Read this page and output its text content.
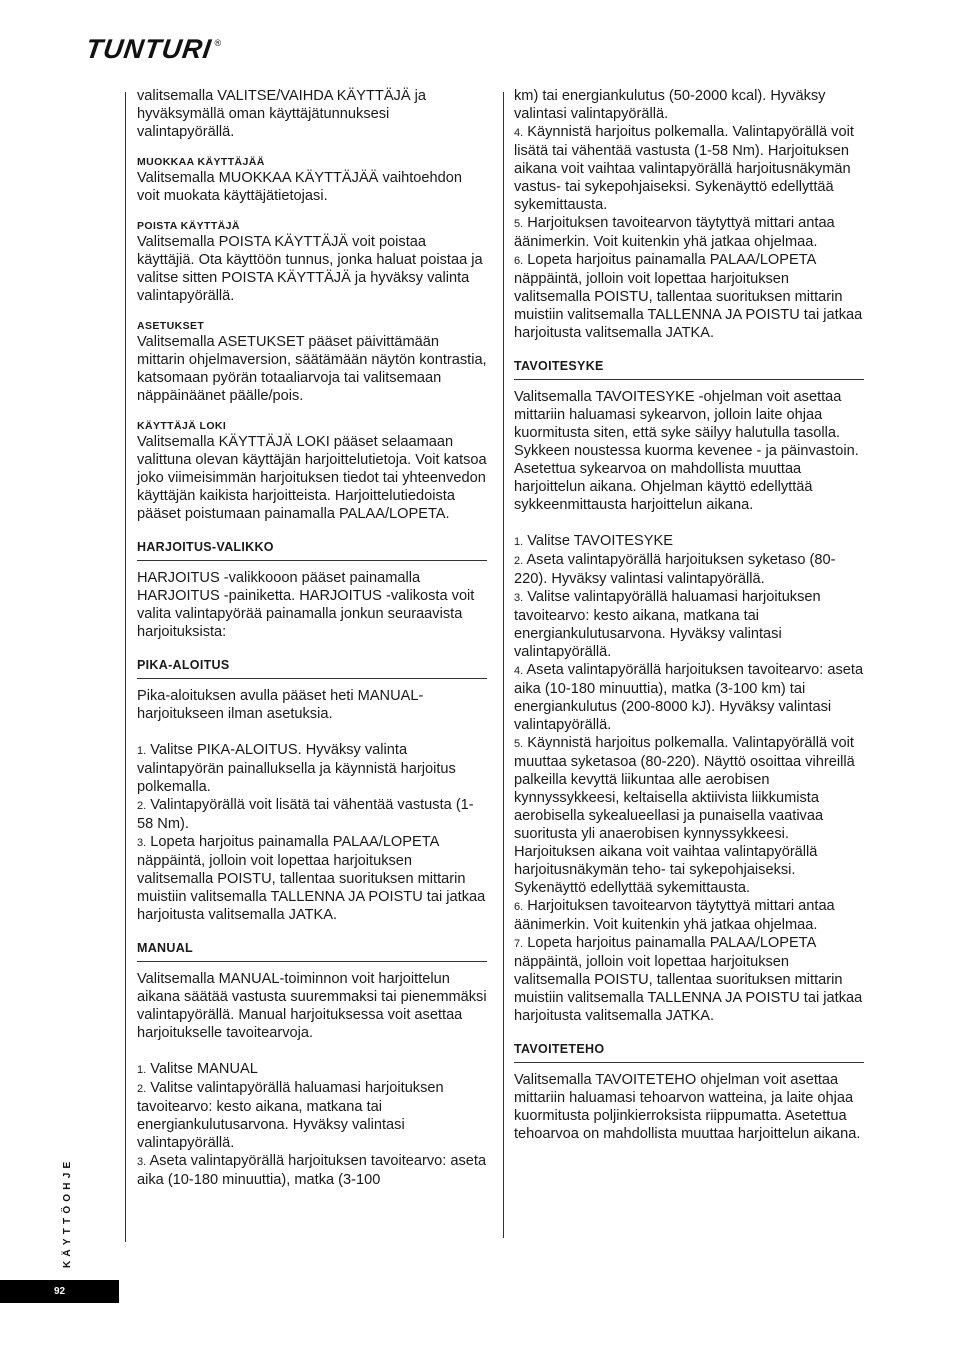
TUNTURI ®

valitsemalla VALITSE/VAIHDA KÄYTTÄJÄ ja hyväksymällä oman käyttäjätunnuksesi valintapyörällä.

MUOKKAA KÄYTTÄJÄÄ

Valitsemalla MUOKKAA KÄYTTÄJÄÄ vaihtoehdon voit muokata käyttäjätietojasi.

POISTA KÄYTTÄJÄ

Valitsemalla POISTA KÄYTTÄJÄ voit poistaa käyttäjiä. Ota käyttöön tunnus, jonka haluat poistaa ja valitse sitten POISTA KÄYTTÄJÄ ja hyväksy valinta valintapyörällä.

ASETUKSET

Valitsemalla ASETUKSET pääset päivittämään mittarin ohjelmaversion, säätämään näytön kontrastia, katsomaan pyörän totaaliarvoja tai valitsemaan näppäinäänet päälle/pois.

KÄYTTÄJÄ LOKI

Valitsemalla KÄYTTÄJÄ LOKI pääset selaamaan valittuna olevan käyttäjän harjoittelutietoja. Voit katsoa joko viimeisimmän harjoituksen tiedot tai yhteenvedon käyttäjän kaikista harjoitteista. Harjoittelutiedoista pääset poistumaan painamalla PALAA/LOPETA.

HARJOITUS-VALIKKO

HARJOITUS -valikkooon pääset painamalla HARJOITUS -painiketta. HARJOITUS -valikosta voit valita valintapyörää painamalla jonkun seuraavista harjoituksista:

PIKA-ALOITUS

Pika-aloituksen avulla pääset heti MANUAL-harjoitukseen ilman asetuksia.

1. Valitse PIKA-ALOITUS. Hyväksy valinta valintapyörän painalluksella ja käynnistä harjoitus polkemalla.

2. Valintapyörällä voit lisätä tai vähentää vastusta (1-58 Nm).

3. Lopeta harjoitus painamalla PALAA/LOPETA näppäintä, jolloin voit lopettaa harjoituksen valitsemalla POISTU, tallentaa suorituksen mittarin muistiin valitsemalla TALLENNA JA POISTU tai jatkaa harjoitusta valitsemalla JATKA.

MANUAL

Valitsemalla MANUAL-toiminnon voit harjoittelun aikana säätää vastusta suuremmaksi tai pienemmäksi valintapyörällä. Manual harjoituksessa voit asettaa harjoitukselle tavoitearvoja.

1. Valitse MANUAL

2. Valitse valintapyörällä haluamasi harjoituksen tavoitearvo: kesto aikana, matkana tai energiankulutusarvona. Hyväksy valintasi valintapyörällä.

3. Aseta valintapyörällä harjoituksen tavoitearvo: aseta aika (10-180 minuuttia), matka (3-100

km) tai energiankulutus (50-2000 kcal). Hyväksy valintasi valintapyörällä.

4. Käynnistä harjoitus polkemalla. Valintapyörällä voit lisätä tai vähentää vastusta (1-58 Nm). Harjoituksen aikana voit vaihtaa valintapyörällä harjoitusnäkymän vastus- tai sykepohjaiseksi. Sykenäyttö edellyttää sykemittausta.

5. Harjoituksen tavoitearvon täytyttyä mittari antaa äänimerkin. Voit kuitenkin yhä jatkaa ohjelmaa.

6. Lopeta harjoitus painamalla PALAA/LOPETA näppäintä, jolloin voit lopettaa harjoituksen valitsemalla POISTU, tallentaa suorituksen mittarin muistiin valitsemalla TALLENNA JA POISTU tai jatkaa harjoitusta valitsemalla JATKA.

TAVOITESYKE

Valitsemalla TAVOITESYKE -ohjelman voit asettaa mittariin haluamasi sykearvon, jolloin laite ohjaa kuormitusta siten, että syke säilyy halutulla tasolla. Sykkeen noustessa kuorma kevenee - ja päinvastoin. Asetettua sykearvoa on mahdollista muuttaa harjoittelun aikana. Ohjelman käyttö edellyttää sykkeenmittausta harjoittelun aikana.

1. Valitse TAVOITESYKE

2. Aseta valintapyörällä harjoituksen syketaso (80-220). Hyväksy valintasi valintapyörällä.

3. Valitse valintapyörällä haluamasi harjoituksen tavoitearvo: kesto aikana, matkana tai energiankulutusarvona. Hyväksy valintasi valintapyörällä.

4. Aseta valintapyörällä harjoituksen tavoitearvo: aseta aika (10-180 minuuttia), matka (3-100 km) tai energiankulutus (200-8000 kJ). Hyväksy valintasi valintapyörällä.

5. Käynnistä harjoitus polkemalla. Valintapyörällä voit muuttaa syketasoa (80-220). Näyttö osoittaa vihreillä palkeilla kevyttä liikuntaa alle aerobisen kynnyssykkeesi, keltaisella aktiivista liikkumista aerobisella sykealueellasi ja punaisella vaativaa suoritusta yli anaerobisen kynnyssykkeesi. Harjoituksen aikana voit vaihtaa valintapyörällä harjoitusnäkymän teho- tai sykepohjaiseksi. Sykenäyttö edellyttää sykemittausta.

6. Harjoituksen tavoitearvon täytyttyä mittari antaa äänimerkin. Voit kuitenkin yhä jatkaa ohjelmaa.

7. Lopeta harjoitus painamalla PALAA/LOPETA näppäintä, jolloin voit lopettaa harjoituksen valitsemalla POISTU, tallentaa suorituksen mittarin muistiin valitsemalla TALLENNA JA POISTU tai jatkaa harjoitusta valitsemalla JATKA.

TAVOITETEHO

Valitsemalla TAVOITETEHO ohjelman voit asettaa mittariin haluamasi tehoarvon watteina, ja laite ohjaa kuormitusta poljinkierroksista riippumatta. Asetettua tehoarvoa on mahdollista muuttaa harjoittelun aikana.

KÄYTTÖOHJE
92
